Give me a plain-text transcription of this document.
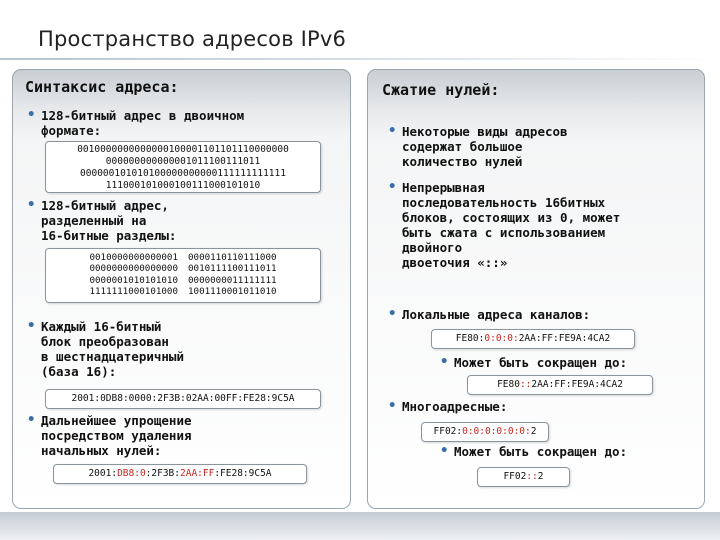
Пространство адресов IPv6
Синтаксис адреса:
• 128-битный адрес в двоичном
формате:
0010000000000000100001101101110000000
000000000000001011100111011
000000101010100000000000111111111111
111000101000100111000101010
• 128-битный адрес,
разделенный на
16-битные разделы:
0010000000000001
0000000000000000
0000001010101010
1111111000101000
0000110110111000
0010111100111011
0000000011111111
1001110001011010
• Каждый 16-битный
блок преобразован
в шестнадцатеричный
(база 16):
2001:0DB8:0000:2F3B:02AA:00FF:FE28:9C5A
• Дальнейшее упрощение
посредством удаления
начальных нулей:
2001:DB8:0:2F3B:2AA:FF:FE28:9C5A
Сжатие нулей:
• Некоторые виды адресов
содержат большое
количество нулей
• Непрерывная
последовательность 16битных
блоков, состоящих из 0, может
быть сжата с использованием
двойного
двоеточия «::»
• Локальные адреса каналов:
FE80:0:0:0:2AA:FF:FE9A:4CA2
• Может быть сокращен до:
FE80::2AA:FF:FE9A:4CA2
• Многоадресные:
FF02:0:0:0:0:0:0:2
• Может быть сокращен до:
FF02::2
